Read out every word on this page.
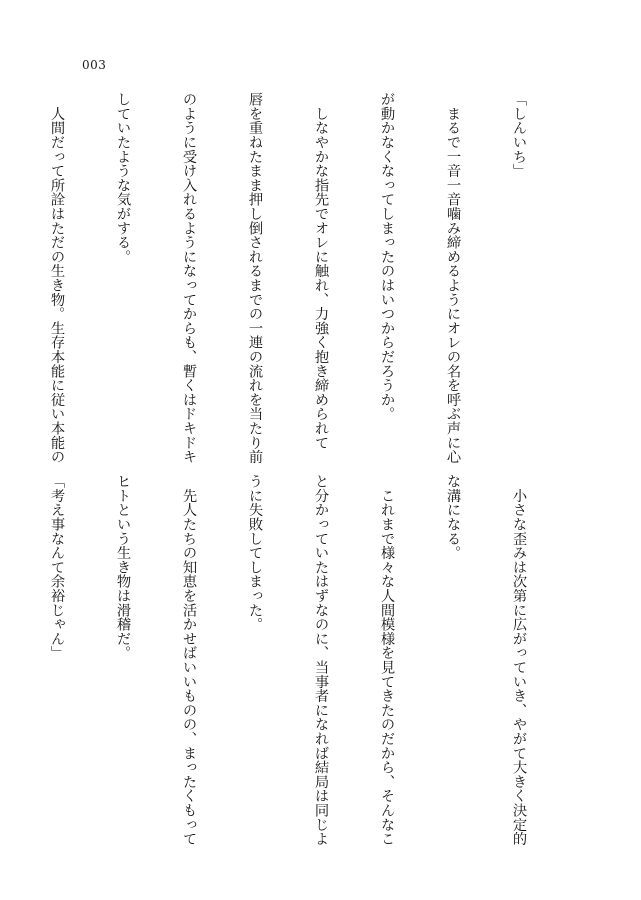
003

「しんいち」

　まるで一音一音噛み締めるようにオレの名を呼ぶ声に心

が動かなくなってしまったのはいつからだろうか。

　しなやかな指先でオレに触れ、力強く抱き締められて

唇を重ねたまま押し倒されるまでの一連の流れを当たり前

のように受け入れるようになってからも、暫くはドキドキ

していたような気がする。

　人間だって所詮はただの生き物。生存本能に従い本能の

　小さな歪みは次第に広がっていき、やがて大きく決定的

な溝になる。

　これまで様々な人間模様を見てきたのだから、そんなこ

と分かっていたはずなのに、当事者になれば結局は同じよ

うに失敗してしまった。

　先人たちの知恵を活かせばいいものの、まったくもって

ヒトという生き物は滑稽だ。

「考え事なんて余裕じゃん」
